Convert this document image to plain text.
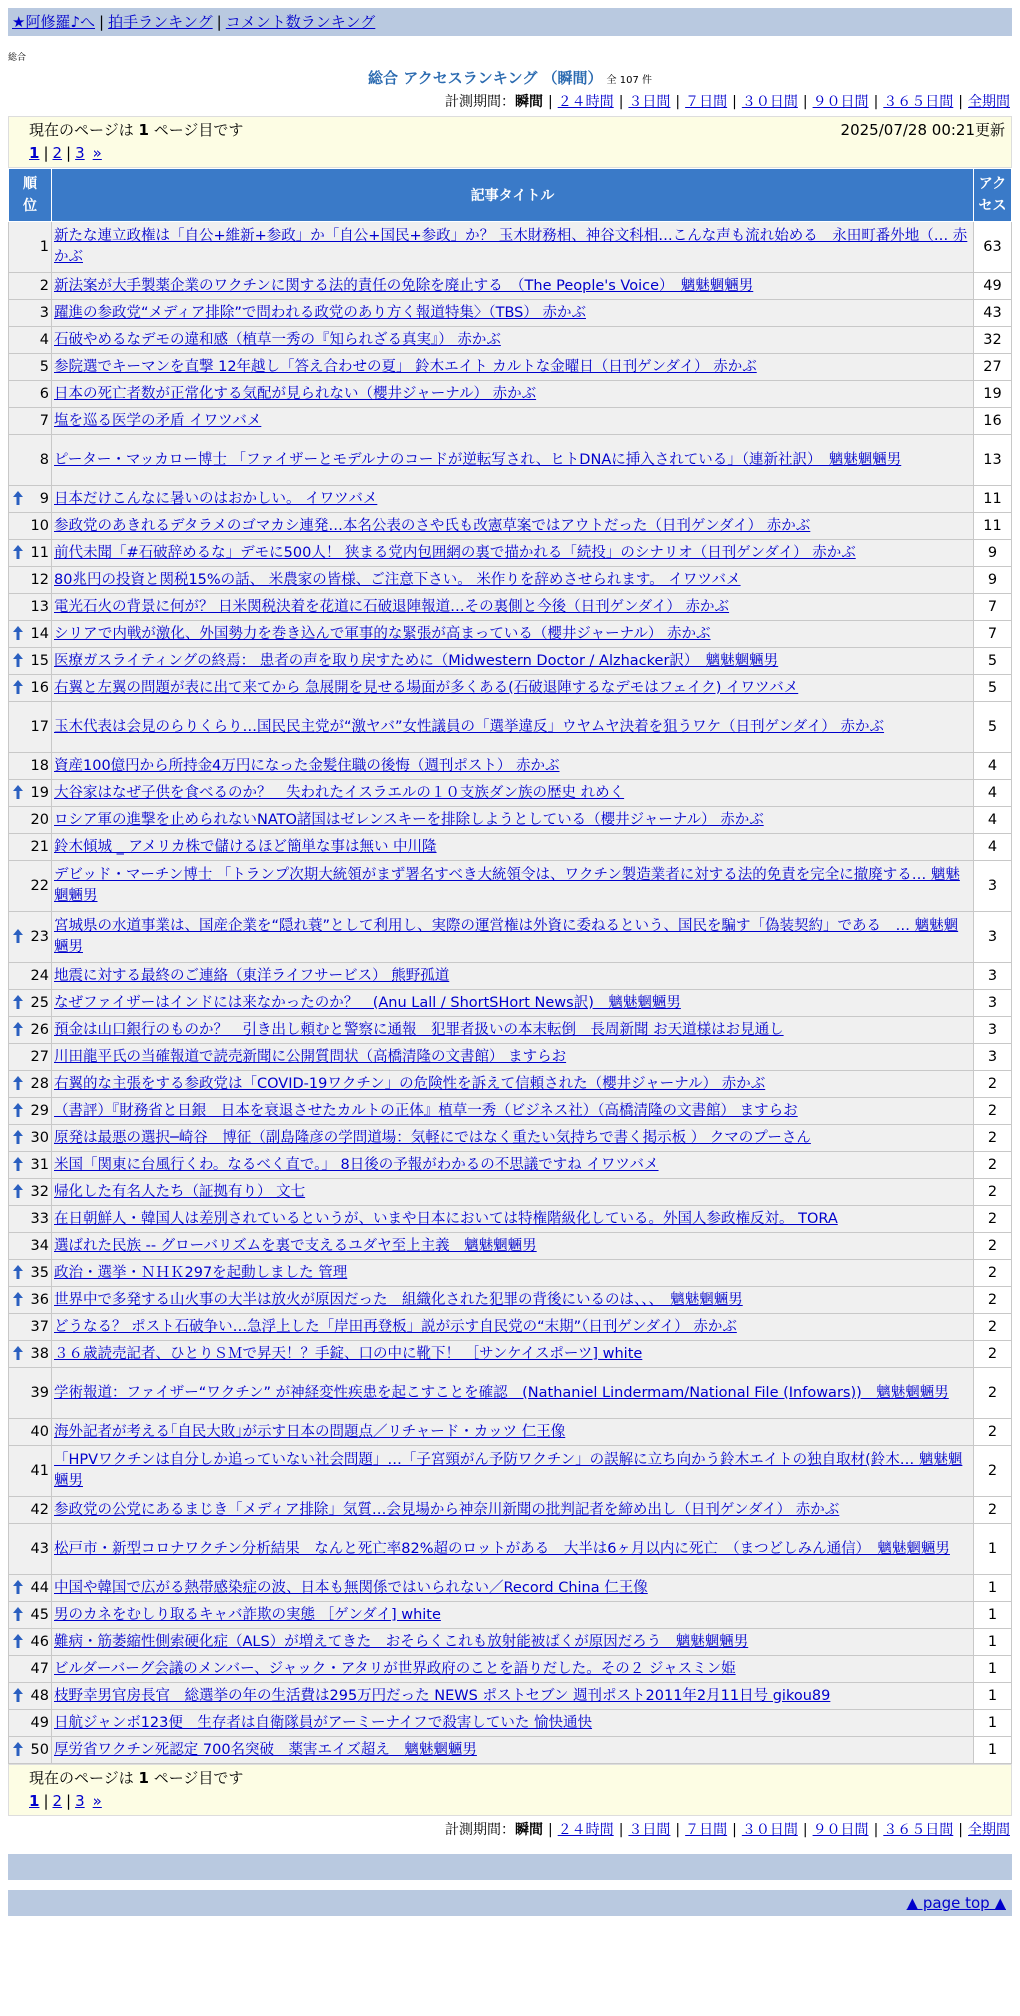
★阿修羅♪へ | 拍手ランキング | コメント数ランキング
総合
総合 アクセスランキング （瞬間） 全 107 件
計測期間：瞬間 | ２４時間 | ３日間 | ７日間 | ３０日間 | ９０日間 | ３６５日間 | 全期間
現在のページは 1 ページ目です	2025/07/28 00:21更新
1 | 2 | 3 »
順
位	記事タイトル	アク
セス
1	新たな連立政権は「自公+維新+参政」か「自公+国民+参政」か？ 玉木財務相、神谷文科相…こんな声も流れ始める　永田町番外地（… 赤かぶ	63
2	新法案が大手製薬企業のワクチンに関する法的責任の免除を廃止する　（The People's Voice）　魑魅魍魎男	49
3	躍進の参政党“メディア排除”で問われる政党のあり方く報道特集〉（TBS） 赤かぶ	43
4	石破やめるなデモの違和感（植草一秀の『知られざる真実』） 赤かぶ	32
5	参院選でキーマンを直撃 12年越し「答え合わせの夏」 鈴木エイト カルトな金曜日（日刊ゲンダイ） 赤かぶ	27
6	日本の死亡者数が正常化する気配が見られない（櫻井ジャーナル） 赤かぶ	19
7	塩を巡る医学の矛盾 イワツバメ	16
8	ピーター・マッカロー博士 「ファイザーとモデルナのコードが逆転写され、ヒトDNAに挿入されている」（連新社訳）　魑魅魍魎男	13

9	日本だけこんなに暑いのはおかしい。 イワツバメ	11
10	参政党のあきれるデタラメのゴマカシ連発…本名公表のさや氏も改憲草案ではアウトだった（日刊ゲンダイ） 赤かぶ	11

11	前代未聞「#石破辞めるな」デモに500人！ 狭まる党内包囲網の裏で描かれる「続投」のシナリオ（日刊ゲンダイ） 赤かぶ	9
12	80兆円の投資と関税15%の話、 米農家の皆様、ご注意下さい。 米作りを辞めさせられます。 イワツバメ	9
13	電光石火の背景に何が？ 日米関税決着を花道に石破退陣報道…その裏側と今後（日刊ゲンダイ） 赤かぶ	7

14	シリアで内戦が激化、外国勢力を巻き込んで軍事的な緊張が高まっている（櫻井ジャーナル） 赤かぶ	7

15	医療ガスライティングの終焉： 患者の声を取り戻すために（Midwestern Doctor / Alzhacker訳）　魑魅魍魎男	5

16	右翼と左翼の問題が表に出て来てから 急展開を見せる場面が多くある(石破退陣するなデモはフェイク) イワツバメ	5
17	玉木代表は会見のらりくらり…国民民主党が“激ヤバ”女性議員の「選挙違反」ウヤムヤ決着を狙うワケ（日刊ゲンダイ） 赤かぶ	5
18	資産100億円から所持金4万円になった金髪住職の後悔（週刊ポスト） 赤かぶ	4

19	大谷家はなぜ子供を食べるのか？　失われたイスラエルの１０支族ダン族の歴史 れめく	4
20	ロシア軍の進撃を止められないNATO諸国はゼレンスキーを排除しようとしている（櫻井ジャーナル） 赤かぶ	4
21	鈴木傾城 _ アメリカ株で儲けるほど簡単な事は無い 中川隆	4
22	デビッド・マーチン博士 「トランプ次期大統領がまず署名すべき大統領令は、ワクチン製造業者に対する法的免責を完全に撤廃する… 魑魅魍魎男	3

23	宮城県の水道事業は、国産企業を“隠れ蓑”として利用し、実際の運営権は外資に委ねるという、国民を騙す「偽装契約」である　… 魑魅魍魎男	3
24	地震に対する最終のご連絡（東洋ライフサービス） 熊野孤道	3

25	なぜファイザーはインドには来なかったのか？　(Anu Lall / ShortSHort News訳)　魑魅魍魎男	3

26	預金は山口銀行のものか？　引き出し頼むと警察に通報　犯罪者扱いの本末転倒　長周新聞 お天道様はお見通し	3
27	川田龍平氏の当確報道で読売新聞に公開質問状（高橋清隆の文書館） ますらお	3

28	右翼的な主張をする参政党は「COVID-19ワクチン」の危険性を訴えて信頼された（櫻井ジャーナル） 赤かぶ	2

29	（書評）『財務省と日銀　日本を衰退させたカルトの正体』植草一秀（ビジネス社）（高橋清隆の文書館） ますらお	2

30	原発は最悪の選択─崎谷　博征（副島隆彦の学問道場：気軽にではなく重たい気持ちで書く掲示板 ） クマのプーさん	2

31	米国「関東に台風行くわ。なるべく直で。」 8日後の予報がわかるの不思議ですね イワツバメ	2

32	帰化した有名人たち（証拠有り） 文七	2
33	在日朝鮮人・韓国人は差別されているというが、いまや日本においては特権階級化している。外国人参政権反対。 TORA	2
34	選ばれた民族 -- グローバリズムを裏で支えるユダヤ至上主義　魑魅魍魎男	2

35	政治・選挙・ＮＨＫ297を起動しました 管理	2

36	世界中で多発する山火事の大半は放火が原因だった　組織化された犯罪の背後にいるのは、、、　魑魅魍魎男	2
37	どうなる？ ポスト石破争い…急浮上した「岸田再登板」説が示す自民党の“末期”（日刊ゲンダイ） 赤かぶ	2

38	３６歳読売記者、ひとりＳＭで昇天！？手錠、口の中に靴下！ ［サンケイスポーツ] white	2
39	学術報道：ファイザー“ワクチン” が神経変性疾患を起こすことを確認　(Nathaniel Lindermam/National File (Infowars))　魑魅魍魎男	2
40	海外記者が考える｢自民大敗｣が示す日本の問題点／リチャード・カッツ 仁王像	2
41	「HPVワクチンは自分しか追っていない社会問題」…「子宮頸がん予防ワクチン」の誤解に立ち向かう鈴木エイトの独自取材(鈴木… 魑魅魍魎男	2
42	参政党の公党にあるまじき「メディア排除」気質…会見場から神奈川新聞の批判記者を締め出し（日刊ゲンダイ） 赤かぶ	2
43	松戸市・新型コロナワクチン分析結果　なんと死亡率82%超のロットがある　大半は6ヶ月以内に死亡　（まつどしみん通信）　魑魅魍魎男	1

44	中国や韓国で広がる熱帯感染症の波、日本も無関係ではいられない／Record China 仁王像	1

45	男のカネをむしり取るキャバ詐欺の実態 ［ゲンダイ] white	1

46	難病・筋萎縮性側索硬化症（ALS）が増えてきた　おそらくこれも放射能被ばくが原因だろう　魑魅魍魎男	1
47	ビルダーバーグ会議のメンバー、ジャック・アタリが世界政府のことを語りだした。その２ ジャスミン姫	1

48	枝野幸男官房長官　総選挙の年の生活費は295万円だった NEWS ポストセブン 週刊ポスト2011年2月11日号 gikou89	1
49	日航ジャンボ123便　生存者は自衛隊員がアーミーナイフで殺害していた 愉快通快	1

50	厚労省ワクチン死認定 700名突破　薬害エイズ超え　魑魅魍魎男	1
現在のページは 1 ページ目です
1 | 2 | 3 »
計測期間：瞬間 | ２４時間 | ３日間 | ７日間 | ３０日間 | ９０日間 | ３６５日間 | 全期間
▲ page top ▲
